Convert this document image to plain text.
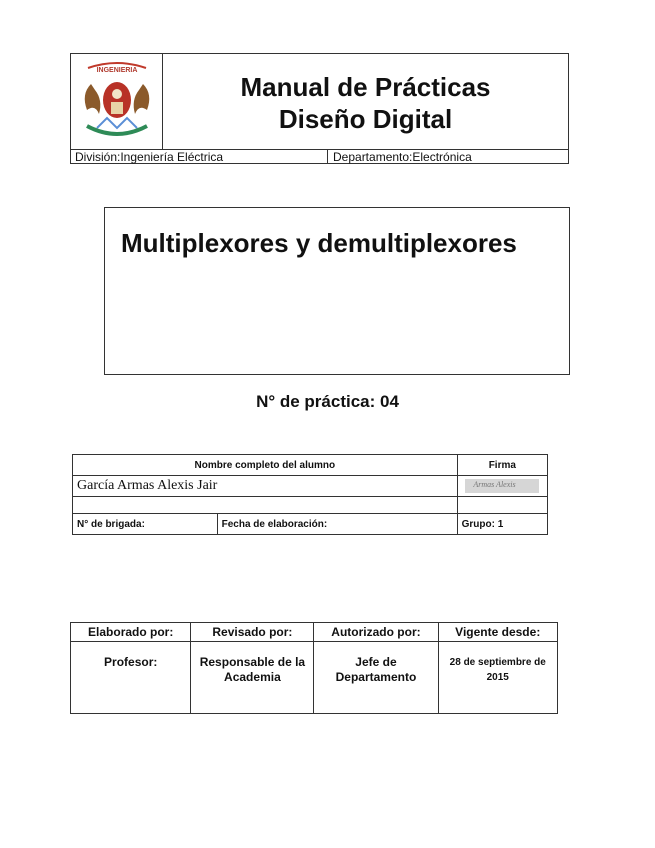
INGENIERIA
Manual de Prácticas
Diseño Digital
División:Ingeniería Eléctrica	Departamento:Electrónica
Multiplexores y demultiplexores
N° de práctica: 04
Nombre completo del alumno		Firma
García Armas Alexis Jair		Armas Alexis

N° de brigada:	Fecha de elaboración:	Grupo: 1
Elaborado por:	Revisado por:	Autorizado por:	Vigente desde:
Profesor:	Responsable de la Academia	Jefe de Departamento	28 de septiembre de 2015
